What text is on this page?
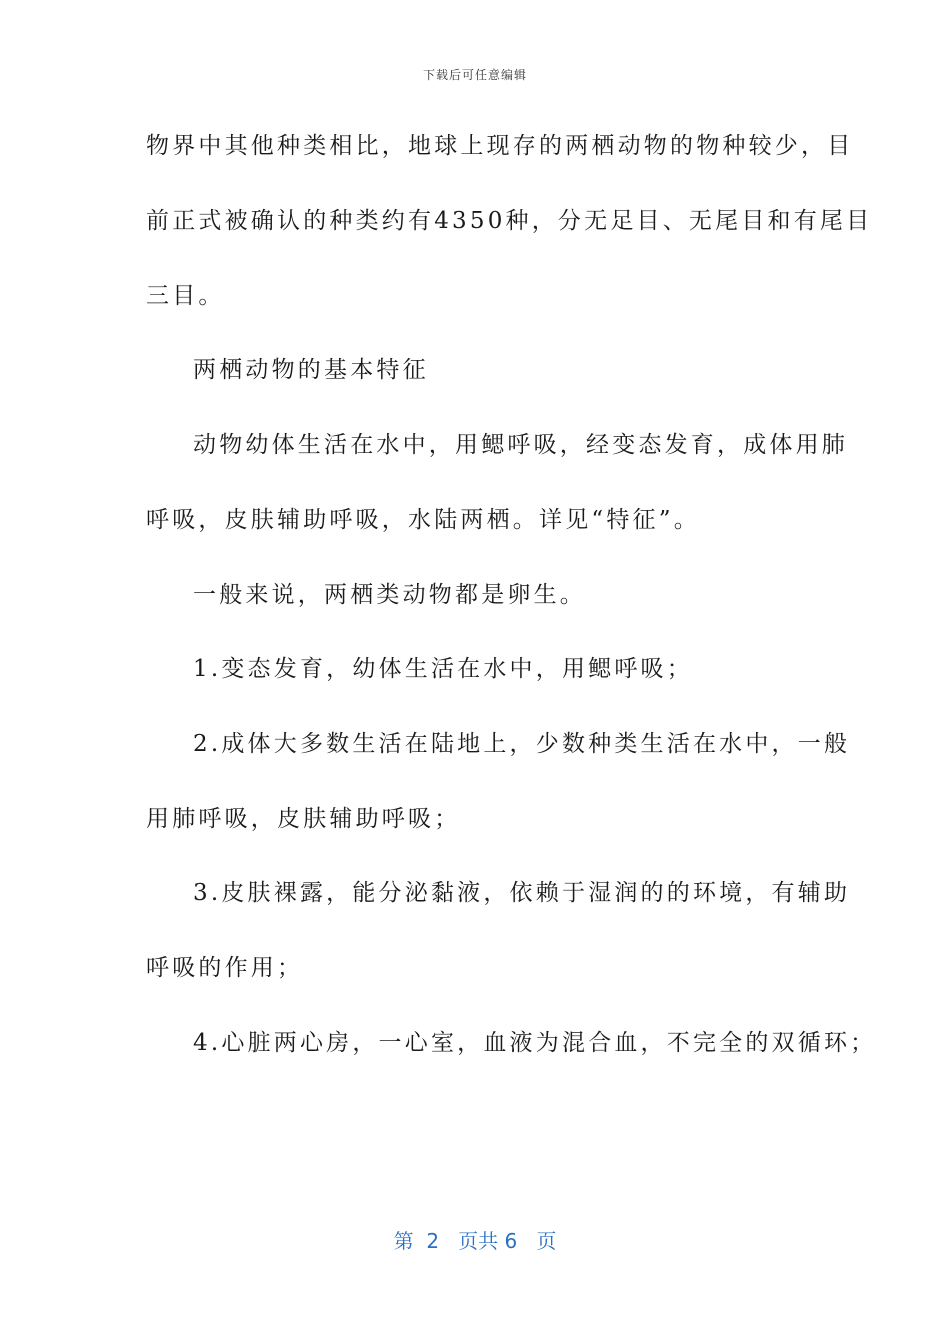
下载后可任意编辑
物界中其他种类相比，地球上现存的两栖动物的物种较少，目
前正式被确认的种类约有4350种，分无足目、无尾目和有尾目
三目。
两栖动物的基本特征
动物幼体生活在水中，用鳃呼吸，经变态发育，成体用肺
呼吸，皮肤辅助呼吸，水陆两栖。详见“特征”。
一般来说，两栖类动物都是卵生。
1.变态发育，幼体生活在水中，用鳃呼吸；
2.成体大多数生活在陆地上，少数种类生活在水中，一般
用肺呼吸，皮肤辅助呼吸；
3.皮肤裸露，能分泌黏液，依赖于湿润的的环境，有辅助
呼吸的作用；
4.心脏两心房，一心室，血液为混合血，不完全的双循环；
第  2   页共 6   页
